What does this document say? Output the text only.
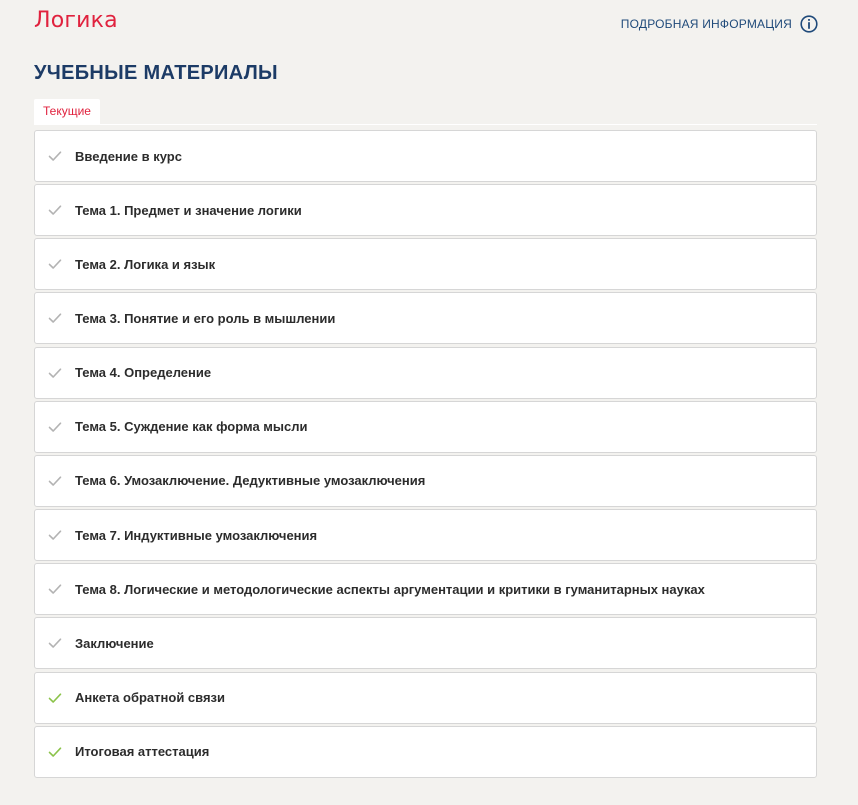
Логика	ПОДРОБНАЯ ИНФОРМАЦИЯ
УЧЕБНЫЕ МАТЕРИАЛЫ
Текущие
Введение в курс
Тема 1. Предмет и значение логики
Тема 2. Логика и язык
Тема 3. Понятие и его роль в мышлении
Тема 4. Определение
Тема 5. Суждение как форма мысли
Тема 6. Умозаключение. Дедуктивные умозаключения
Тема 7. Индуктивные умозаключения
Тема 8. Логические и методологические аспекты аргументации и критики в гуманитарных науках
Заключение
Анкета обратной связи
Итоговая аттестация
